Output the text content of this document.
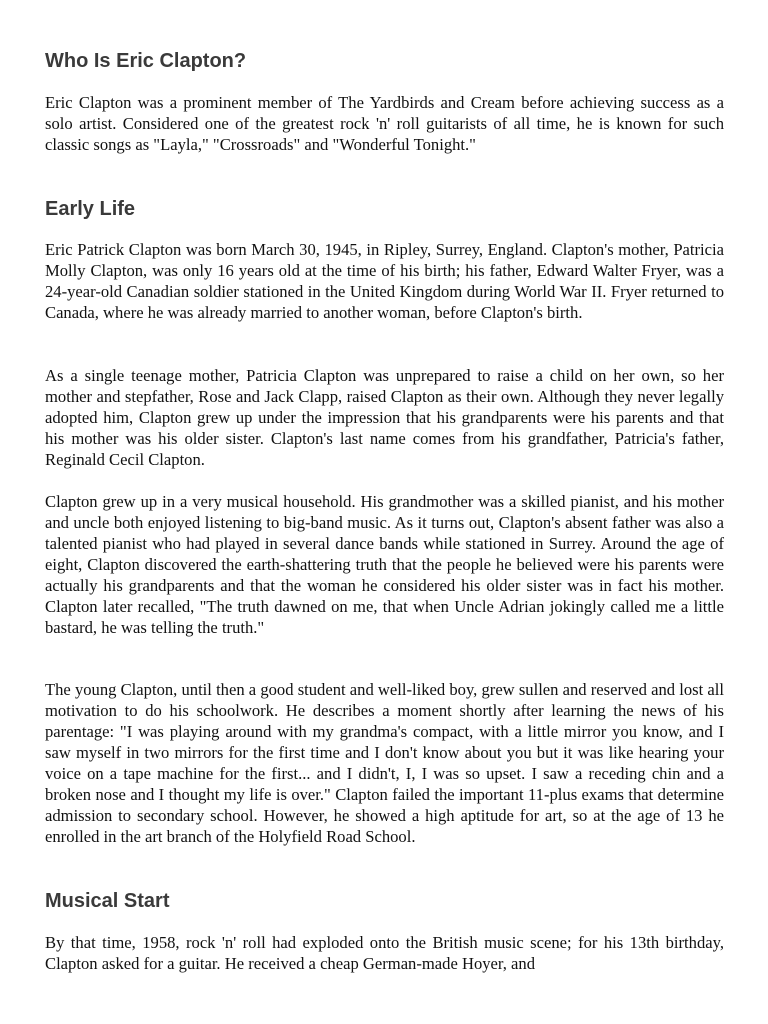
Who Is Eric Clapton?

Eric Clapton was a prominent member of The Yardbirds and Cream before achieving success as a solo artist. Considered one of the greatest rock 'n' roll guitarists of all time, he is known for such classic songs as "Layla," "Crossroads" and "Wonderful Tonight."

Early Life

Eric Patrick Clapton was born March 30, 1945, in Ripley, Surrey, England. Clapton's mother, Patricia Molly Clapton, was only 16 years old at the time of his birth; his father, Edward Walter Fryer, was a 24-year-old Canadian soldier stationed in the United Kingdom during World War II. Fryer returned to Canada, where he was already married to another woman, before Clapton's birth.

As a single teenage mother, Patricia Clapton was unprepared to raise a child on her own, so her mother and stepfather, Rose and Jack Clapp, raised Clapton as their own. Although they never legally adopted him, Clapton grew up under the impression that his grandparents were his parents and that his mother was his older sister. Clapton's last name comes from his grandfather, Patricia's father, Reginald Cecil Clapton.

Clapton grew up in a very musical household. His grandmother was a skilled pianist, and his mother and uncle both enjoyed listening to big-band music. As it turns out, Clapton's absent father was also a talented pianist who had played in several dance bands while stationed in Surrey. Around the age of eight, Clapton discovered the earth-shattering truth that the people he believed were his parents were actually his grandparents and that the woman he considered his older sister was in fact his mother. Clapton later recalled, "The truth dawned on me, that when Uncle Adrian jokingly called me a little bastard, he was telling the truth."

The young Clapton, until then a good student and well-liked boy, grew sullen and reserved and lost all motivation to do his schoolwork. He describes a moment shortly after learning the news of his parentage: "I was playing around with my grandma's compact, with a little mirror you know, and I saw myself in two mirrors for the first time and I don't know about you but it was like hearing your voice on a tape machine for the first... and I didn't, I, I was so upset. I saw a receding chin and a broken nose and I thought my life is over." Clapton failed the important 11-plus exams that determine admission to secondary school. However, he showed a high aptitude for art, so at the age of 13 he enrolled in the art branch of the Holyfield Road School.

Musical Start

By that time, 1958, rock 'n' roll had exploded onto the British music scene; for his 13th birthday, Clapton asked for a guitar. He received a cheap German-made Hoyer, and
